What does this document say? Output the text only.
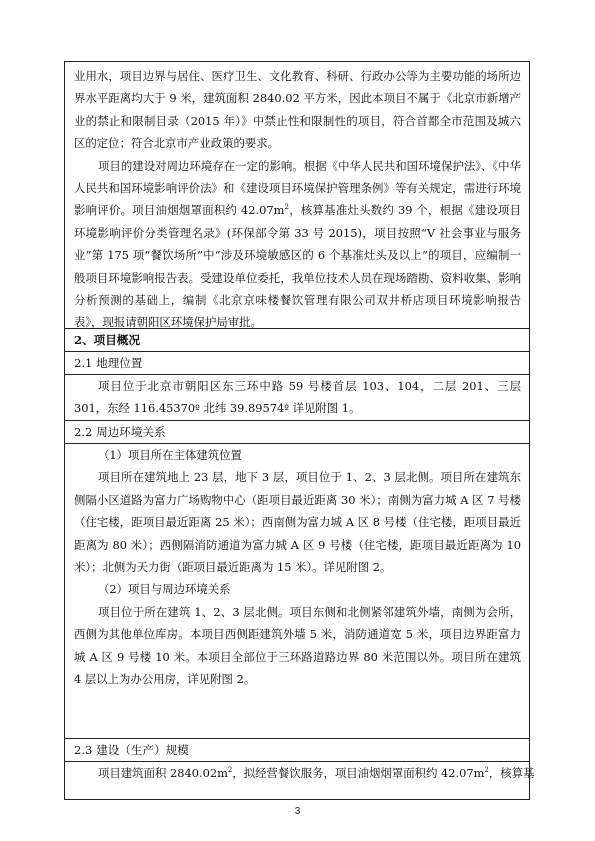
业用水，项目边界与居住、医疗卫生、文化教育、科研、行政办公等为主要功能的场所边界水平距离均大于 9 米，建筑面积 2840.02 平方米，因此本项目不属于《北京市新增产业的禁止和限制目录（2015 年）》中禁止性和限制性的项目，符合首都全市范围及城六区的定位；符合北京市产业政策的要求。

项目的建设对周边环境存在一定的影响。根据《中华人民共和国环境保护法》、《中华人民共和国环境影响评价法》和《建设项目环境保护管理条例》等有关规定，需进行环境影响评价。项目油烟烟罩面积约 $42.07m^2$，核算基准灶头数约 39 个，根据《建设项目环境影响评价分类管理名录》(环保部令第 33 号 2015)，项目按照“V 社会事业与服务业”第 175 项“餐饮场所”中“涉及环境敏感区的 6 个基准灶头及以上”的项目，应编制一般项目环境影响报告表。受建设单位委托，我单位技术人员在现场踏勘、资料收集、影响分析预测的基础上，编制《北京京味楼餐饮管理有限公司双井桥店项目环境影响报告表》，现报请朝阳区环境保护局审批。

2、项目概况

2.1 地理位置

项目位于北京市朝阳区东三环中路 59 号楼首层 103、104，二层 201、三层 301，东经 116.45370º 北纬 39.89574º 详见附图 1。

2.2 周边环境关系

（1）项目所在主体建筑位置

项目所在建筑地上 23 层，地下 3 层，项目位于 1、2、3 层北侧。项目所在建筑东侧隔小区道路为富力广场购物中心（距项目最近距离 30 米）；南侧为富力城 A 区 7 号楼（住宅楼，距项目最近距离 25 米）；西南侧为富力城 A 区 8 号楼（住宅楼，距项目最近距离为 80 米）；西侧隔消防通道为富力城 A 区 9 号楼（住宅楼，距项目最近距离为 10 米）；北侧为天力街（距项目最近距离为 15 米）。详见附图 2。

（2）项目与周边环境关系

项目位于所在建筑 1、2、3 层北侧。项目东侧和北侧紧邻建筑外墙，南侧为会所，西侧为其他单位库房。本项目西侧距建筑外墙 5 米，消防通道宽 5 米，项目边界距富力城 A 区 9 号楼 10 米。本项目全部位于三环路道路边界 80 米范围以外。项目所在建筑 4 层以上为办公用房，详见附图 2。

2.3 建设（生产）规模

项目建筑面积 $2840.02m^2$，拟经营餐饮服务，项目油烟烟罩面积约 $42.07m^2$，核算基

3
